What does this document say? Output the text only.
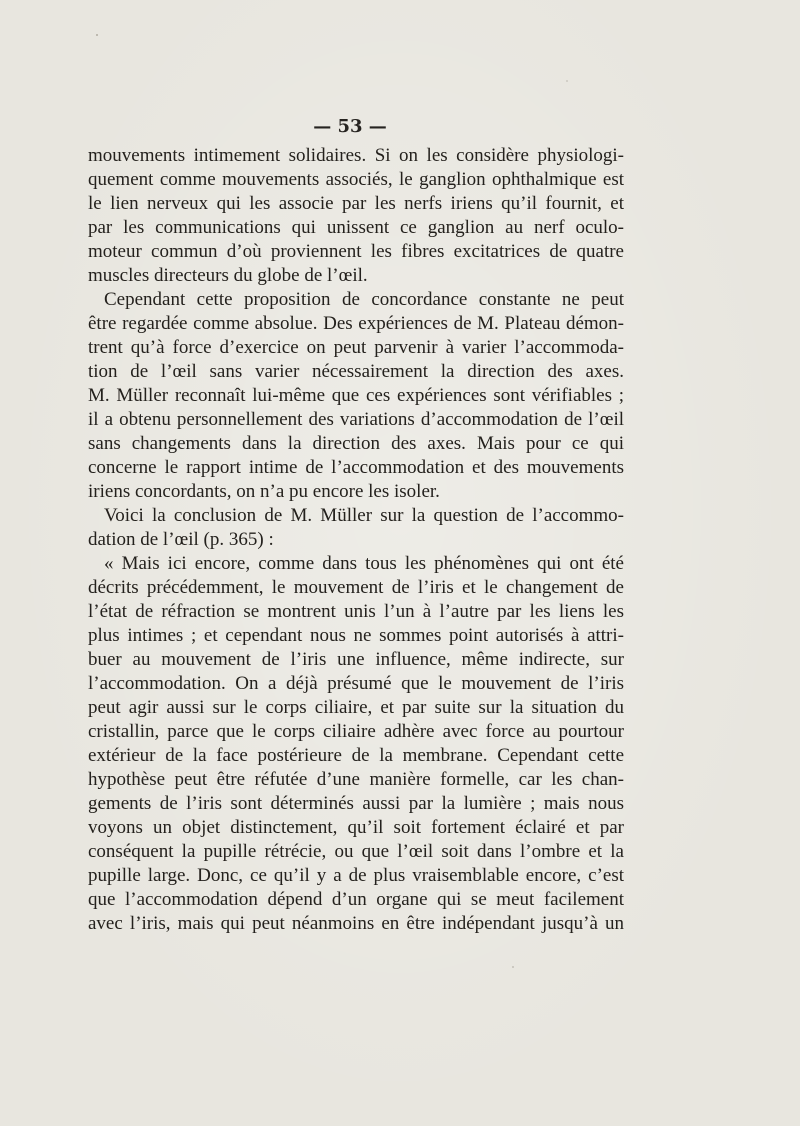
— 53 —
mouvements intimement solidaires. Si on les considère physiologi-
quement comme mouvements associés, le ganglion ophthalmique est
le lien nerveux qui les associe par les nerfs iriens qu’il fournit, et
par les communications qui unissent ce ganglion au nerf oculo-
moteur commun d’où proviennent les fibres excitatrices de quatre
muscles directeurs du globe de l’œil.
Cependant cette proposition de concordance constante ne peut
être regardée comme absolue. Des expériences de M. Plateau démon-
trent qu’à force d’exercice on peut parvenir à varier l’accommoda-
tion de l’œil sans varier nécessairement la direction des axes.
M. Müller reconnaît lui-même que ces expériences sont vérifiables ;
il a obtenu personnellement des variations d’accommodation de l’œil
sans changements dans la direction des axes. Mais pour ce qui
concerne le rapport intime de l’accommodation et des mouvements
iriens concordants, on n’a pu encore les isoler.
Voici la conclusion de M. Müller sur la question de l’accommo-
dation de l’œil (p. 365) :
« Mais ici encore, comme dans tous les phénomènes qui ont été
décrits précédemment, le mouvement de l’iris et le changement de
l’état de réfraction se montrent unis l’un à l’autre par les liens les
plus intimes ; et cependant nous ne sommes point autorisés à attri-
buer au mouvement de l’iris une influence, même indirecte, sur
l’accommodation. On a déjà présumé que le mouvement de l’iris
peut agir aussi sur le corps ciliaire, et par suite sur la situation du
cristallin, parce que le corps ciliaire adhère avec force au pourtour
extérieur de la face postérieure de la membrane. Cependant cette
hypothèse peut être réfutée d’une manière formelle, car les chan-
gements de l’iris sont déterminés aussi par la lumière ; mais nous
voyons un objet distinctement, qu’il soit fortement éclairé et par
conséquent la pupille rétrécie, ou que l’œil soit dans l’ombre et la
pupille large. Donc, ce qu’il y a de plus vraisemblable encore, c’est
que l’accommodation dépend d’un organe qui se meut facilement
avec l’iris, mais qui peut néanmoins en être indépendant jusqu’à un
